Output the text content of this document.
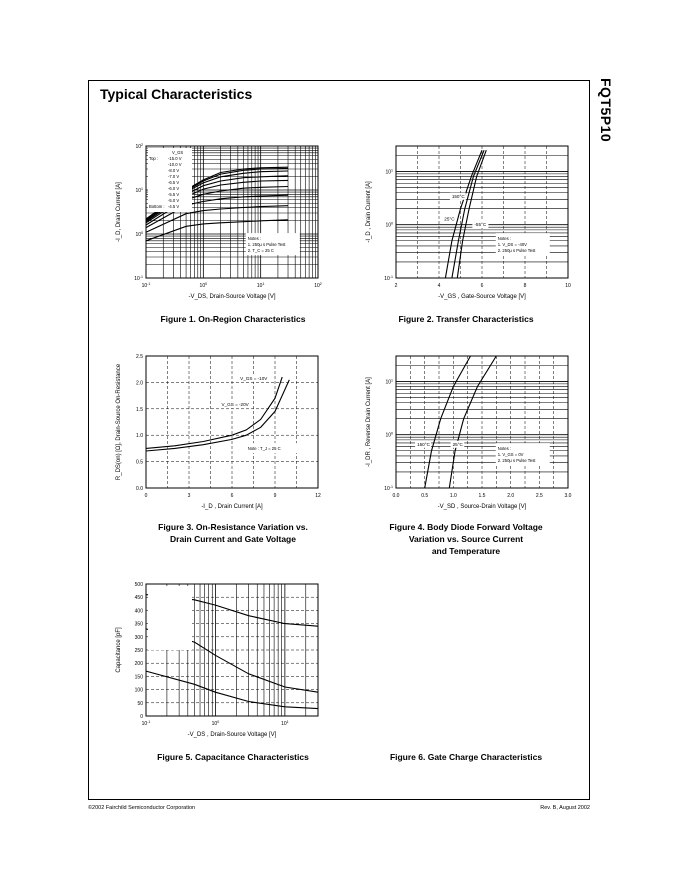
Typical Characteristics	FQT5P10
$10^{-1}$	$10^0$	$10^1$	$10^2$
$10^{-1}$
$10^0$
$10^1$
$10^2$
-V_DS, Drain-Source Voltage [V]
-I_D, Drain Current [A]
V_GS
Top :
Bottom :
-15.0 V
-10.0 V
-8.0 V
-7.0 V
-6.5 V
-6.0 V
-5.5 V
-5.0 V
-4.5 V
Notes :
1. 250μ s Pulse Test
2. T_C = 25 C
2	4	6	8	10
$10^{-1}$
$10^0$
$10^1$
-V_GS , Gate-Source Voltage [V]
-I_D , Drain Current [A]	Notes :
1. V_DS = -40V
2. 250μ s Pulse Test
150°C
25°C
-55°C
0	3	6	9	12
0.0
0.5
1.0
1.5
2.0
2.5
-I_D , Drain Current [A]
R_DS(on) [Ω], Drain-Source On-Resistance	Note : T_J = 25 C
V_GS = -10V
V_GS = -20V
0.0	0.5	1.0	1.5	2.0	2.5	3.0
$10^{-1}$
$10^0$
$10^1$
-V_SD , Source-Drain Voltage [V]
-I_DR , Reverse Drain Current [A]	Notes :
1. V_GS = 0V
2. 250μ s Pulse Test
150°C	25°C
$10^{-1}$	$10^0$	$10^1$
0
50
100
150
200
250
300
350
400
450
500
-V_DS , Drain-Source Voltage [V]
Capacitance [pF]
Figure 1. On-Region Characteristics	Figure 2. Transfer Characteristics
Figure 3. On-Resistance Variation vs.
Drain Current and Gate Voltage
Figure 4. Body Diode Forward Voltage
Variation vs. Source Current
and Temperature
Figure 5. Capacitance Characteristics	Figure 6. Gate Charge Characteristics
©2002 Fairchild Semiconductor Corporation	Rev. B, August 2002
